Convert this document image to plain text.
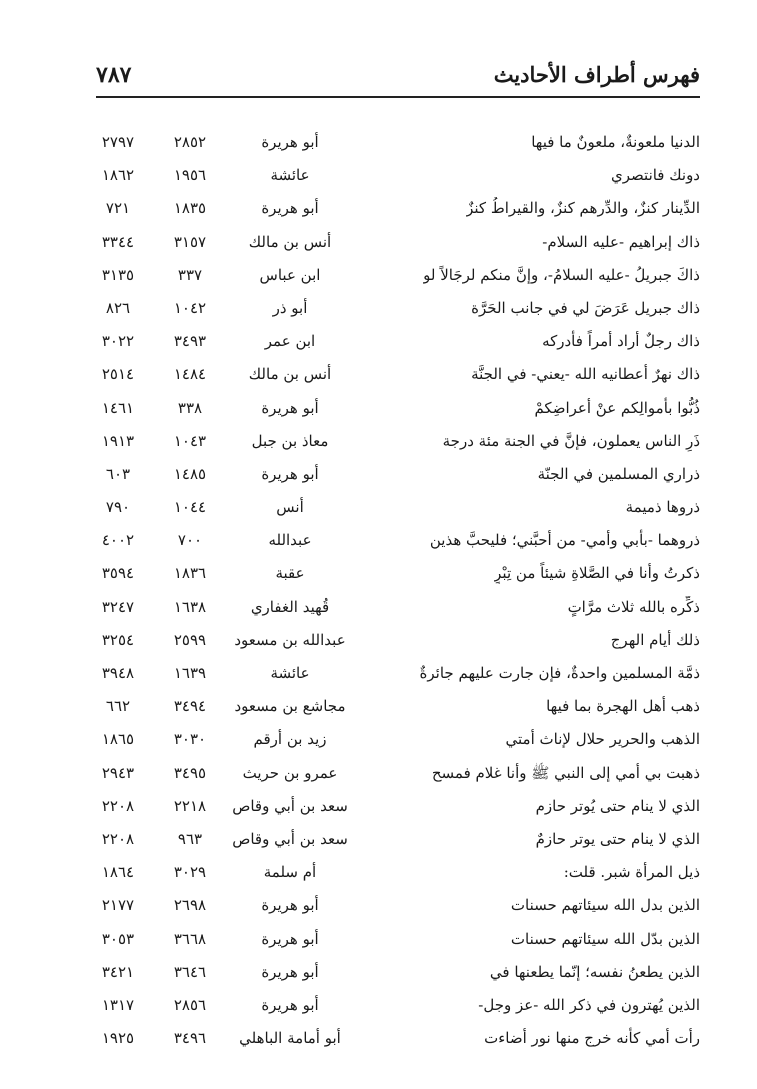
فهرس أطراف الأحاديث
٧٨٧
الدنيا ملعونةٌ، ملعونٌ ما فيها
أبو هريرة
٢٨٥٢
٢٧٩٧
دونك فانتصري
عائشة
١٩٥٦
١٨٦٢
الدِّينار كنزٌ، والدِّرهم كنزٌ، والقيراطُ كنزٌ
أبو هريرة
١٨٣٥
٧٢١
ذاك إبراهيم -عليه السلام-
أنس بن مالك
٣١٥٧
٣٣٤٤
ذاكَ جبريلُ -عليه السلامُ-، وإنَّ منكم لرجَالاً لو
ابن عباس
٣٣٧
٣١٣٥
ذاك جبريل عَرَضَ لي في جانب الحَرَّة
أبو ذر
١٠٤٢
٨٢٦
ذاك رجلٌ أراد أمراً فأدركه
ابن عمر
٣٤٩٣
٣٠٢٢
ذاك نهرٌ أعطانيه الله -يعني- في الجنَّة
أنس بن مالك
١٤٨٤
٢٥١٤
ذُبُّوا بأموالِكم عنْ أعراضِكمْ
أبو هريرة
٣٣٨
١٤٦١
ذَرِ الناس يعملون، فإنَّ في الجنة مئة درجة
معاذ بن جبل
١٠٤٣
١٩١٣
ذراري المسلمين في الجنّة
أبو هريرة
١٤٨٥
٦٠٣
ذروها ذميمة
أنس
١٠٤٤
٧٩٠
ذروهما -بأبي وأمي- من أحبَّني؛ فليحبَّ هذين
عبدالله
٧٠٠
٤٠٠٢
ذكرتُ وأنا في الصَّلاةِ شيئاً من تِبْرٍ
عقبة
١٨٣٦
٣٥٩٤
ذكِّره بالله ثلاث مرَّاتٍ
قُهيد الغفاري
١٦٣٨
٣٢٤٧
ذلك أيام الهرج
عبدالله بن مسعود
٢٥٩٩
٣٢٥٤
ذمَّة المسلمين واحدةٌ، فإن جارت عليهم جائرةٌ
عائشة
١٦٣٩
٣٩٤٨
ذهب أهل الهجرة بما فيها
مجاشع بن مسعود
٣٤٩٤
٦٦٢
الذهب والحرير حلال لإناث أمتي
زيد بن أرقم
٣٠٣٠
١٨٦٥
ذهبت بي أمي إلى النبي ﷺ وأنا غلام فمسح
عمرو بن حريث
٣٤٩٥
٢٩٤٣
الذي لا ينام حتى يُوتر حازم
سعد بن أبي وقاص
٢٢١٨
٢٢٠٨
الذي لا ينام حتى يوتر حازمٌ
سعد بن أبي وقاص
٩٦٣
٢٢٠٨
ذيل المرأة شبر. قلت:
أم سلمة
٣٠٢٩
١٨٦٤
الذين بدل الله سيئاتهم حسنات
أبو هريرة
٢٦٩٨
٢١٧٧
الذين بدّل الله سيئاتهم حسنات
أبو هريرة
٣٦٦٨
٣٠٥٣
الذين يطعنُ نفسه؛ إنّما يطعنها في
أبو هريرة
٣٦٤٦
٣٤٢١
الذين يُهترون في ذكر الله -عز وجل-
أبو هريرة
٢٨٥٦
١٣١٧
رأت أمي كأنه خرج منها نور أضاءت
أبو أمامة الباهلي
٣٤٩٦
١٩٢٥
